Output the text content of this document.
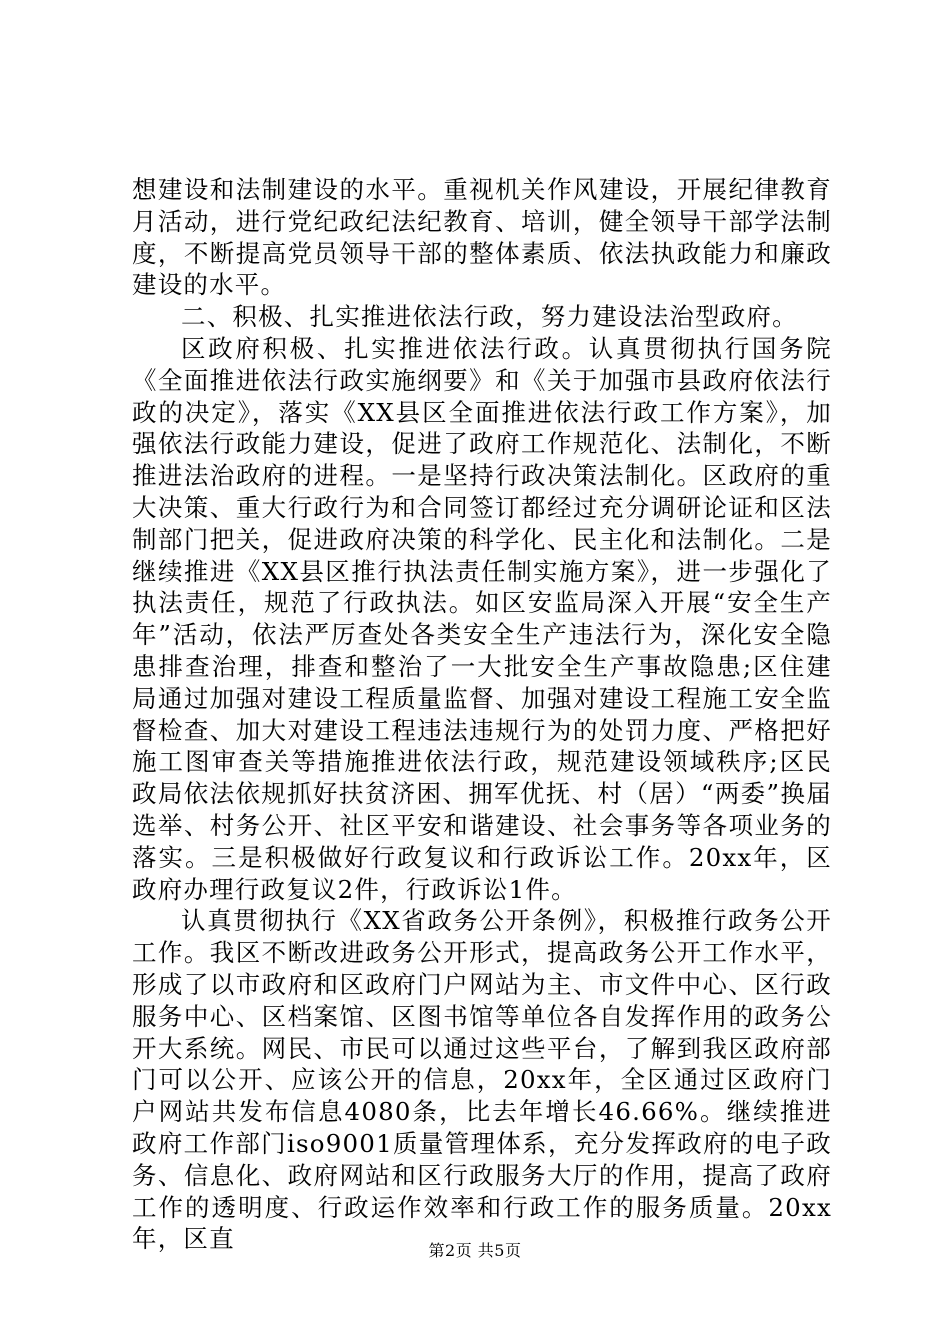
想建设和法制建设的水平。重视机关作风建设，开展纪律教育月活动，进行党纪政纪法纪教育、培训，健全领导干部学法制度，不断提高党员领导干部的整体素质、依法执政能力和廉政建设的水平。

二、积极、扎实推进依法行政，努力建设法治型政府。

区政府积极、扎实推进依法行政。认真贯彻执行国务院《全面推进依法行政实施纲要》和《关于加强市县政府依法行政的决定》，落实《XX县区全面推进依法行政工作方案》，加强依法行政能力建设，促进了政府工作规范化、法制化，不断推进法治政府的进程。一是坚持行政决策法制化。区政府的重大决策、重大行政行为和合同签订都经过充分调研论证和区法制部门把关，促进政府决策的科学化、民主化和法制化。二是继续推进《XX县区推行执法责任制实施方案》，进一步强化了执法责任，规范了行政执法。如区安监局深入开展“安全生产年”活动，依法严厉查处各类安全生产违法行为，深化安全隐患排查治理，排查和整治了一大批安全生产事故隐患;区住建局通过加强对建设工程质量监督、加强对建设工程施工安全监督检查、加大对建设工程违法违规行为的处罚力度、严格把好施工图审查关等措施推进依法行政，规范建设领域秩序;区民政局依法依规抓好扶贫济困、拥军优抚、村（居）“两委”换届选举、村务公开、社区平安和谐建设、社会事务等各项业务的落实。三是积极做好行政复议和行政诉讼工作。20xx年，区政府办理行政复议2件，行政诉讼1件。

认真贯彻执行《XX省政务公开条例》，积极推行政务公开工作。我区不断改进政务公开形式，提高政务公开工作水平，形成了以市政府和区政府门户网站为主、市文件中心、区行政服务中心、区档案馆、区图书馆等单位各自发挥作用的政务公开大系统。网民、市民可以通过这些平台，了解到我区政府部门可以公开、应该公开的信息，20xx年，全区通过区政府门户网站共发布信息4080条，比去年增长46.66%。继续推进政府工作部门iso9001质量管理体系，充分发挥政府的电子政务、信息化、政府网站和区行政服务大厅的作用，提高了政府工作的透明度、行政运作效率和行政工作的服务质量。20xx年，区直	第2页 共5页
